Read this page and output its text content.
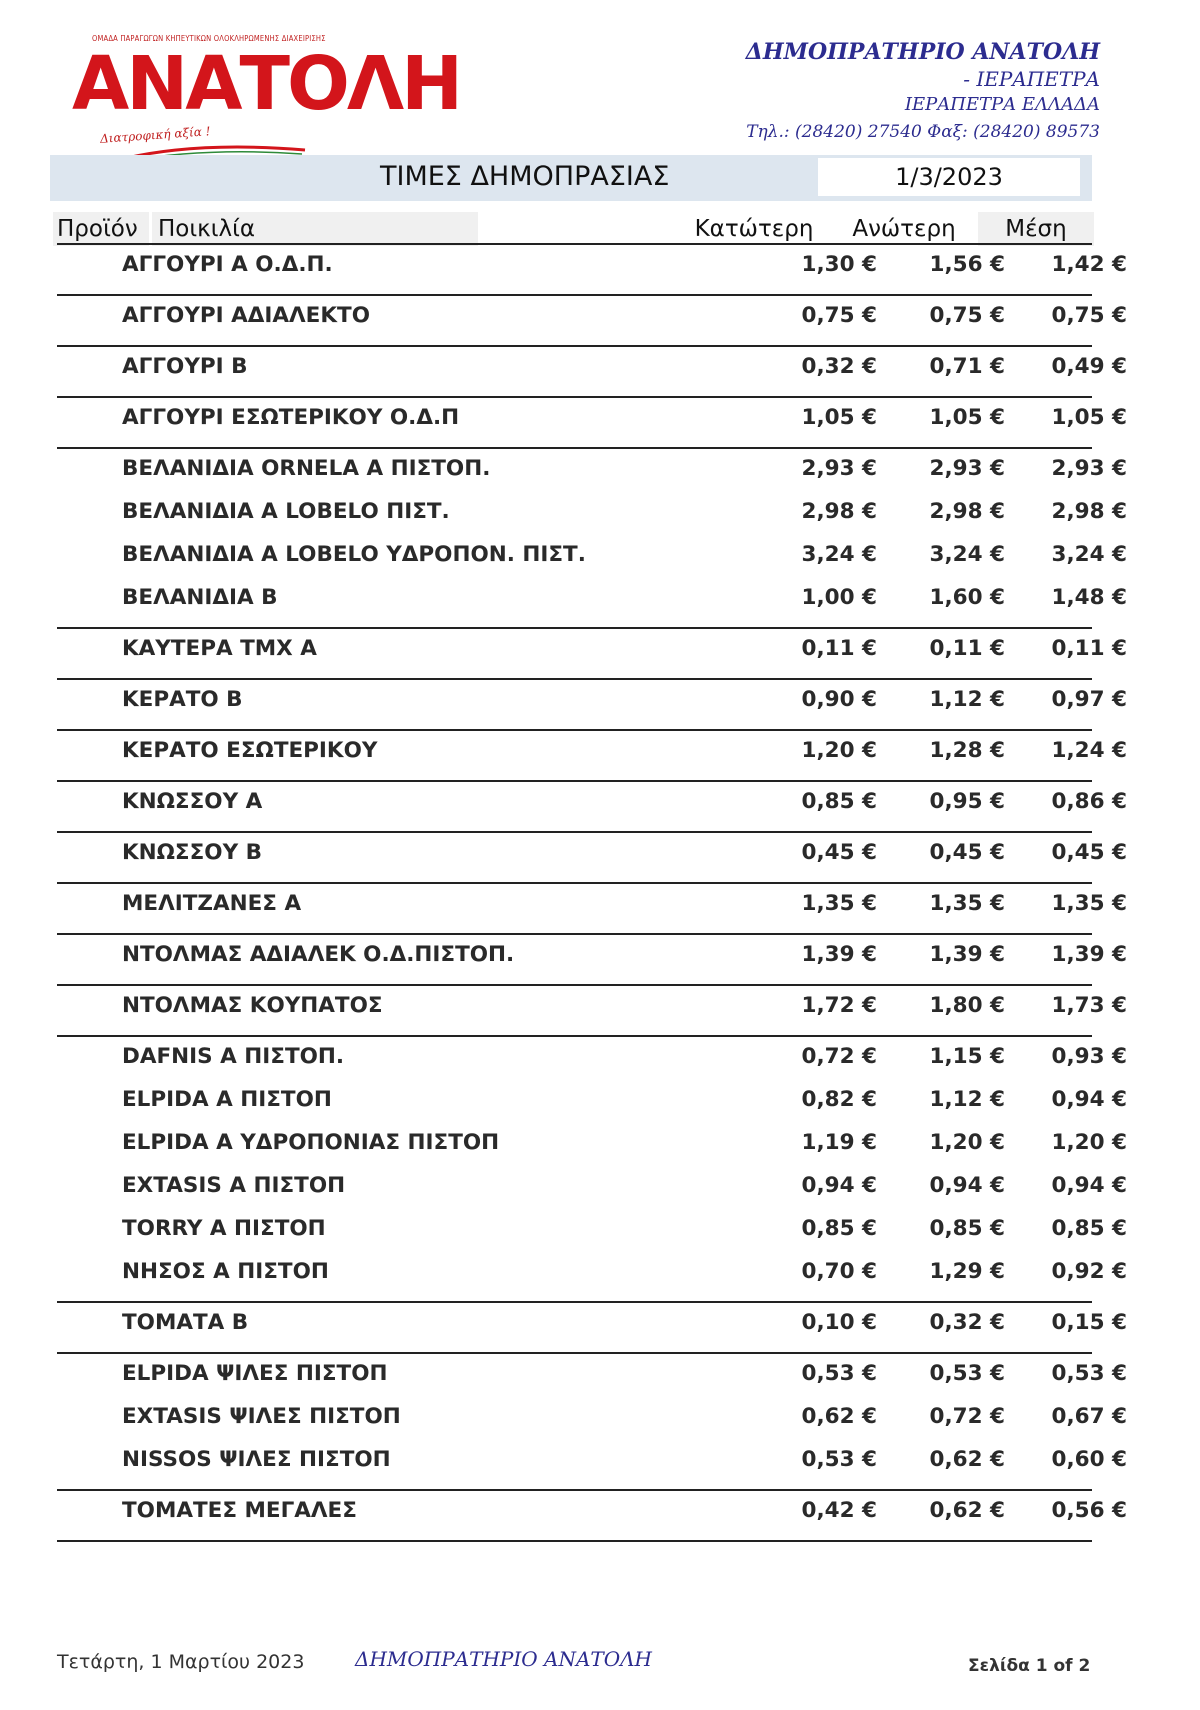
ΟΜΑΔΑ ΠΑΡΑΓΩΓΩΝ ΚΗΠΕΥΤΙΚΩΝ ΟΛΟΚΛΗΡΩΜΕΝΗΣ ΔΙΑΧΕΙΡΙΣΗΣ
ΑΝΑΤΟΛΗ
Διατροφική αξία !
ΔΗΜΟΠΡΑΤΗΡΙΟ ΑΝΑΤΟΛΗ
- ΙΕΡΑΠΕΤΡΑ
ΙΕΡΑΠΕΤΡΑ ΕΛΛΑΔΑ
Τηλ.: (28420) 27540 Φαξ: (28420) 89573
ΤΙΜΕΣ ΔΗΜΟΠΡΑΣΙΑΣ	1/3/2023
Προϊόν Ποικιλία	Κατώτερη	Ανώτερη	Μέση
ΑΓΓΟΥΡΙ Α Ο.Δ.Π.	1,30 €	1,56 €	1,42 €
ΑΓΓΟΥΡΙ ΑΔΙΑΛΕΚΤΟ	0,75 €	0,75 €	0,75 €
ΑΓΓΟΥΡΙ Β	0,32 €	0,71 €	0,49 €
ΑΓΓΟΥΡΙ ΕΣΩΤΕΡΙΚΟΥ Ο.Δ.Π	1,05 €	1,05 €	1,05 €
ΒΕΛΑΝΙΔΙΑ ORNELA Α ΠΙΣΤΟΠ.	2,93 €	2,93 €	2,93 €
ΒΕΛΑΝΙΔΙΑ Α LOBELO ΠΙΣΤ.	2,98 €	2,98 €	2,98 €
ΒΕΛΑΝΙΔΙΑ Α LOBELO ΥΔΡΟΠΟΝ. ΠΙΣΤ.	3,24 €	3,24 €	3,24 €
ΒΕΛΑΝΙΔΙΑ Β	1,00 €	1,60 €	1,48 €
ΚΑΥΤΕΡΑ ΤΜΧ Α	0,11 €	0,11 €	0,11 €
ΚΕΡΑΤΟ Β	0,90 €	1,12 €	0,97 €
ΚΕΡΑΤΟ ΕΣΩΤΕΡΙΚΟΥ	1,20 €	1,28 €	1,24 €
ΚΝΩΣΣΟΥ Α	0,85 €	0,95 €	0,86 €
ΚΝΩΣΣΟΥ Β	0,45 €	0,45 €	0,45 €
ΜΕΛΙΤΖΑΝΕΣ Α	1,35 €	1,35 €	1,35 €
ΝΤΟΛΜΑΣ ΑΔΙΑΛΕΚ Ο.Δ.ΠΙΣΤΟΠ.	1,39 €	1,39 €	1,39 €
ΝΤΟΛΜΑΣ ΚΟΥΠΑΤΟΣ	1,72 €	1,80 €	1,73 €
DAFNIS Α ΠΙΣΤΟΠ.	0,72 €	1,15 €	0,93 €
ELPIDA Α ΠΙΣΤΟΠ	0,82 €	1,12 €	0,94 €
ELPIDA Α ΥΔΡΟΠΟΝΙΑΣ ΠΙΣΤΟΠ	1,19 €	1,20 €	1,20 €
EXTASIS Α ΠΙΣΤΟΠ	0,94 €	0,94 €	0,94 €
TORRY Α ΠΙΣΤΟΠ	0,85 €	0,85 €	0,85 €
ΝΗΣΟΣ Α ΠΙΣΤΟΠ	0,70 €	1,29 €	0,92 €
ΤΟΜΑΤΑ Β	0,10 €	0,32 €	0,15 €
ELPIDA ΨΙΛΕΣ ΠΙΣΤΟΠ	0,53 €	0,53 €	0,53 €
EXTASIS ΨΙΛΕΣ ΠΙΣΤΟΠ	0,62 €	0,72 €	0,67 €
NISSOS ΨΙΛΕΣ ΠΙΣΤΟΠ	0,53 €	0,62 €	0,60 €
ΤΟΜΑΤΕΣ ΜΕΓΑΛΕΣ	0,42 €	0,62 €	0,56 €
Τετάρτη, 1 Μαρτίου 2023	ΔΗΜΟΠΡΑΤΗΡΙΟ ΑΝΑΤΟΛΗ	Σελίδα 1 of 2
